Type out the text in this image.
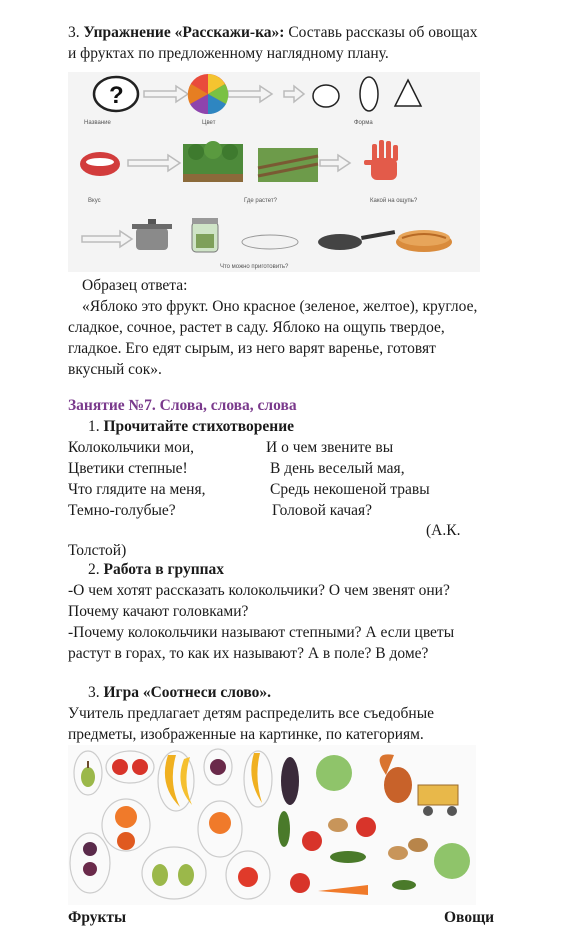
3. Упражнение «Расскажи-ка»: Составь рассказы об овощах
и фруктах по предложенному наглядному плану.
?
Название	Цвет	Форма
Вкус	Где растет?	Какой на ощупь?
Что можно приготовить?
Образец ответа:
«Яблоко это фрукт. Оно красное (зеленое, желтое), круглое,
сладкое, сочное, растет в саду. Яблоко на ощупь твердое,
гладкое. Его едят сырым, из него варят варенье, готовят
вкусный сок».
Занятие №7. Слова, слова, слова
1. Прочитайте стихотворение
Колокольчики мои,
Цветики степные!
Что глядите на меня,
Темно-голубые?
И о чем звените вы
В день веселый мая,
Средь некошеной травы
Головой качая?
(А.К.
Толстой)
2. Работа в группах
-О чем хотят рассказать колокольчики? О чем звенят они?
Почему качают головками?
-Почему колокольчики называют степными? А если цветы
растут в горах, то как их называют? А в поле? В доме?
3. Игра «Соотнеси слово».
Учитель предлагает детям распределить все съедобные
предметы, изображенные на картинке, по категориям.
Фрукты	Овощи
